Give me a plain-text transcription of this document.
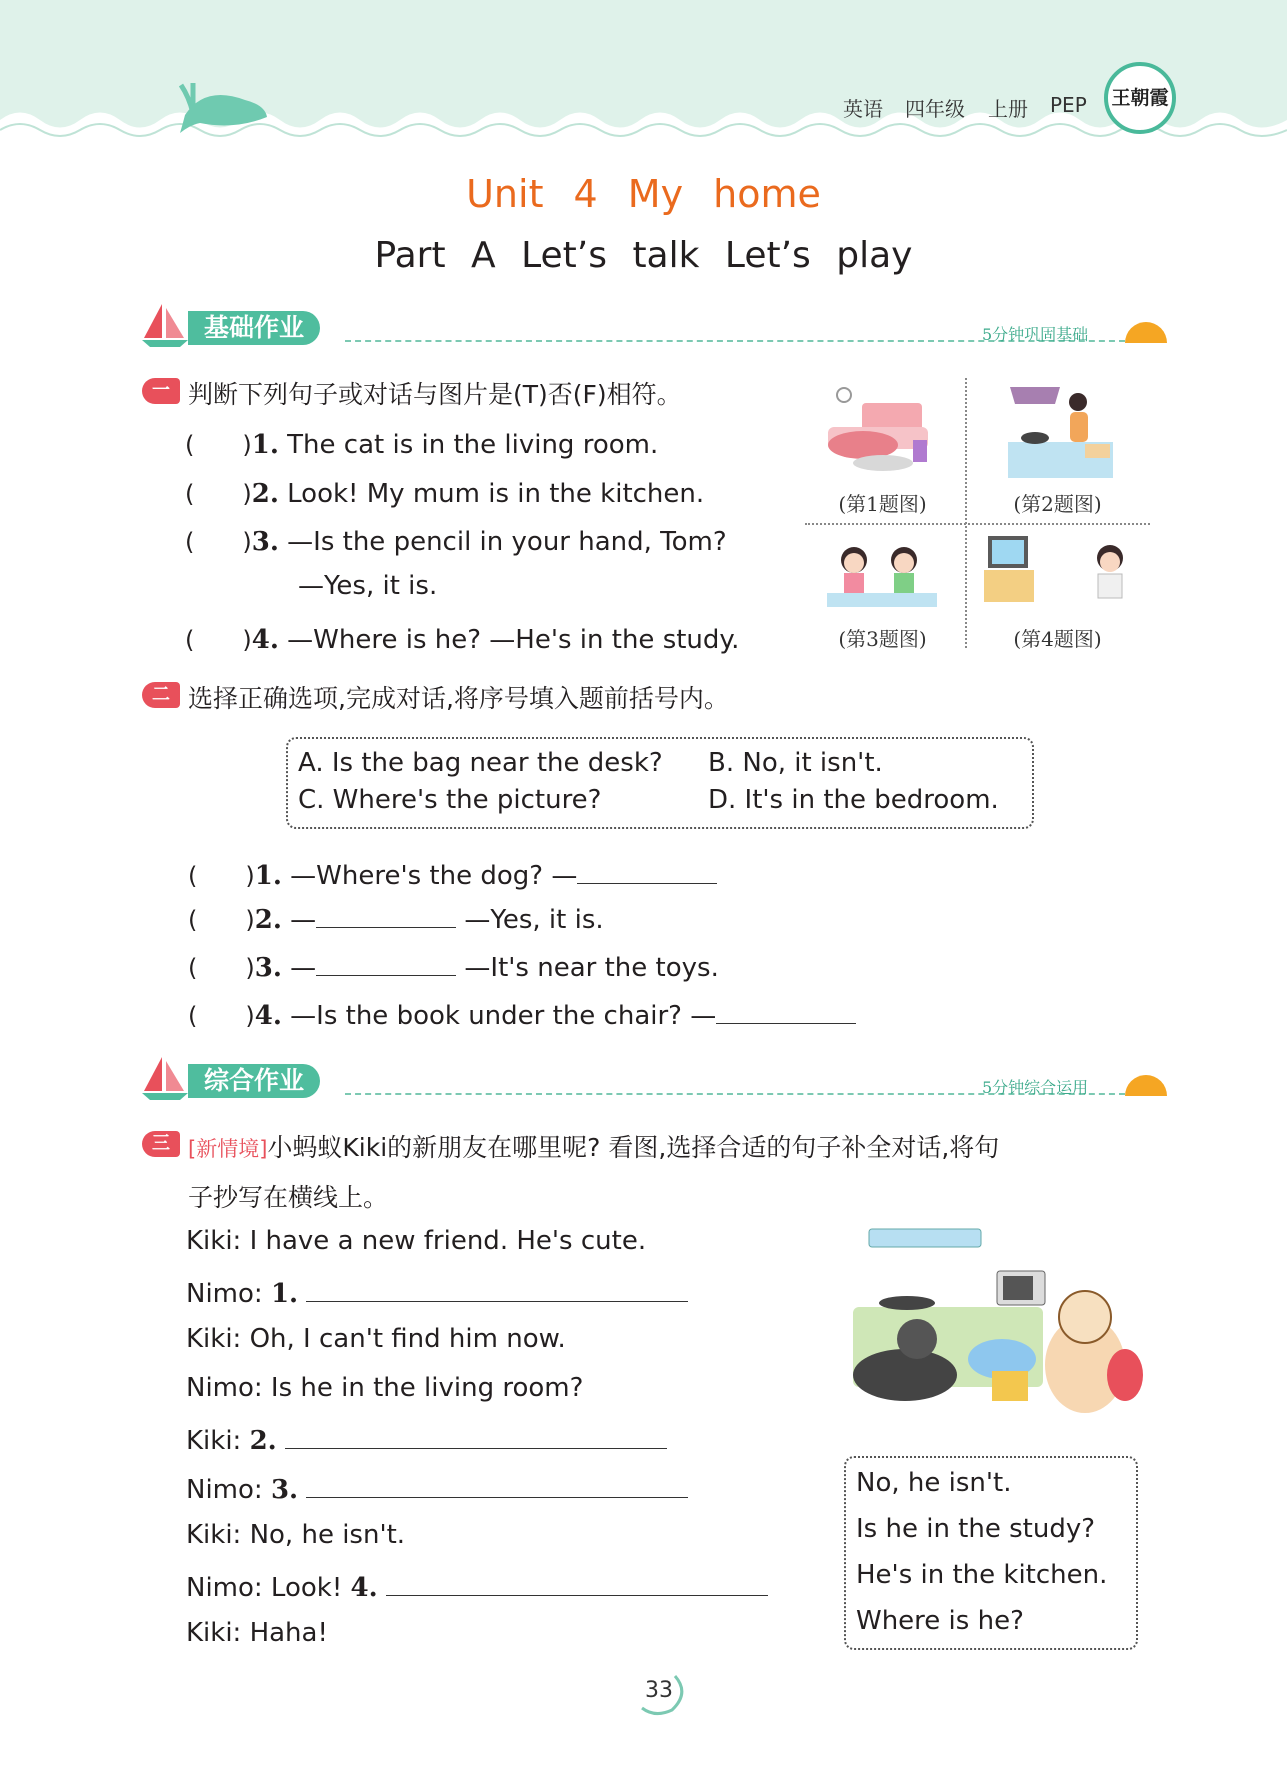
英语 四年级 上册 PEP	王朝霞
Unit 4 My home
Part A Let’s talk Let’s play
基础作业	5分钟巩固基础
一 判断下列句子或对话与图片是(T)否(F)相符。
(　　)1. The cat is in the living room.
(　　)2. Look! My mum is in the kitchen.
(　　)3. —Is the pencil in your hand, Tom?
—Yes, it is.
(　　)4. —Where is he? —He's in the study.
(第1题图)	(第2题图)
(第3题图)	(第4题图)
二 选择正确选项,完成对话,将序号填入题前括号内。
A. Is the bag near the desk? B. No, it isn't.
C. Where's the picture?	D. It's in the bedroom.
(　　)1. —Where's the dog? —
(　　)2. —	—Yes, it is.
(　　)3. —	—It's near the toys.
(　　)4. —Is the book under the chair? —
综合作业	5分钟综合运用
三 [新情境]小蚂蚁Kiki的新朋友在哪里呢? 看图,选择合适的句子补全对话,将句
子抄写在横线上。
Kiki: I have a new friend. He's cute.
Nimo: 1.
Kiki: Oh, I can't find him now.
Nimo: Is he in the living room?
Kiki: 2.
Nimo: 3.
Kiki: No, he isn't.
Nimo: Look! 4.
Kiki: Haha!
No, he isn't.
Is he in the study?
He's in the kitchen.
Where is he?
33
